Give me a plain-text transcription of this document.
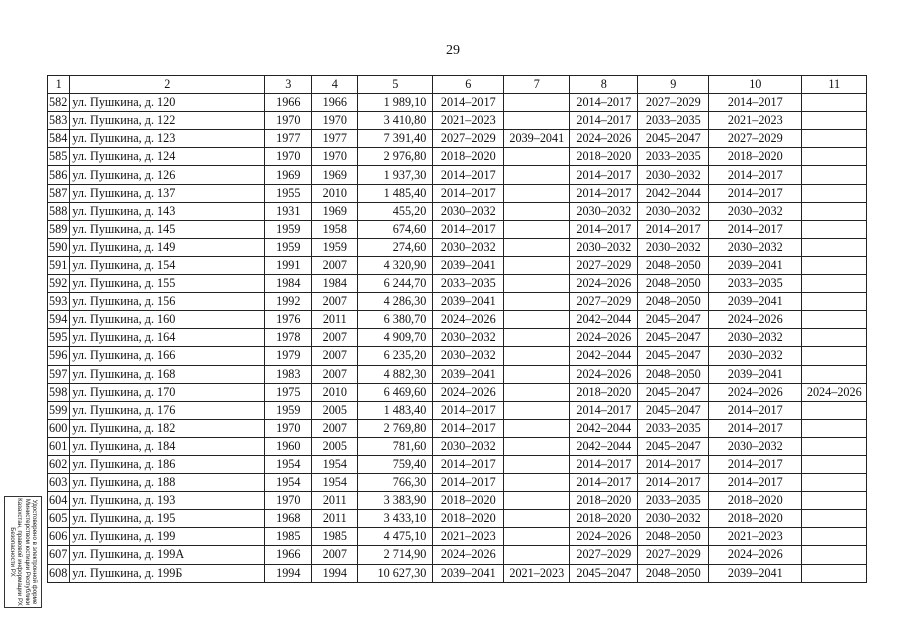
29
1	2	3	4	5	6	7	8	9	10	11
582	ул. Пушкина, д. 120	1966	1966	1 989,10	2014–2017		2014–2017	2027–2029	2014–2017	
583	ул. Пушкина, д. 122	1970	1970	3 410,80	2021–2023		2014–2017	2033–2035	2021–2023	
584	ул. Пушкина, д. 123	1977	1977	7 391,40	2027–2029	2039–2041	2024–2026	2045–2047	2027–2029	
585	ул. Пушкина, д. 124	1970	1970	2 976,80	2018–2020		2018–2020	2033–2035	2018–2020	
586	ул. Пушкина, д. 126	1969	1969	1 937,30	2014–2017		2014–2017	2030–2032	2014–2017	
587	ул. Пушкина, д. 137	1955	2010	1 485,40	2014–2017		2014–2017	2042–2044	2014–2017	
588	ул. Пушкина, д. 143	1931	1969	455,20	2030–2032		2030–2032	2030–2032	2030–2032	
589	ул. Пушкина, д. 145	1959	1958	674,60	2014–2017		2014–2017	2014–2017	2014–2017	
590	ул. Пушкина, д. 149	1959	1959	274,60	2030–2032		2030–2032	2030–2032	2030–2032	
591	ул. Пушкина, д. 154	1991	2007	4 320,90	2039–2041		2027–2029	2048–2050	2039–2041	
592	ул. Пушкина, д. 155	1984	1984	6 244,70	2033–2035		2024–2026	2048–2050	2033–2035	
593	ул. Пушкина, д. 156	1992	2007	4 286,30	2039–2041		2027–2029	2048–2050	2039–2041	
594	ул. Пушкина, д. 160	1976	2011	6 380,70	2024–2026		2042–2044	2045–2047	2024–2026	
595	ул. Пушкина, д. 164	1978	2007	4 909,70	2030–2032		2024–2026	2045–2047	2030–2032	
596	ул. Пушкина, д. 166	1979	2007	6 235,20	2030–2032		2042–2044	2045–2047	2030–2032	
597	ул. Пушкина, д. 168	1983	2007	4 882,30	2039–2041		2024–2026	2048–2050	2039–2041	
598	ул. Пушкина, д. 170	1975	2010	6 469,60	2024–2026		2018–2020	2045–2047	2024–2026	2024–2026
599	ул. Пушкина, д. 176	1959	2005	1 483,40	2014–2017		2014–2017	2045–2047	2014–2017	
600	ул. Пушкина, д. 182	1970	2007	2 769,80	2014–2017		2042–2044	2033–2035	2014–2017	
601	ул. Пушкина, д. 184	1960	2005	781,60	2030–2032		2042–2044	2045–2047	2030–2032	
602	ул. Пушкина, д. 186	1954	1954	759,40	2014–2017		2014–2017	2014–2017	2014–2017	
603	ул. Пушкина, д. 188	1954	1954	766,30	2014–2017		2014–2017	2014–2017	2014–2017	
604	ул. Пушкина, д. 193	1970	2011	3 383,90	2018–2020		2018–2020	2033–2035	2018–2020	
605	ул. Пушкина, д. 195	1968	2011	3 433,10	2018–2020		2018–2020	2030–2032	2018–2020	
606	ул. Пушкина, д. 199	1985	1985	4 475,10	2021–2023		2024–2026	2048–2050	2021–2023	
607	ул. Пушкина, д. 199А	1966	2007	2 714,90	2024–2026		2027–2029	2027–2029	2024–2026	
608	ул. Пушкина, д. 199Б	1994	1994	10 627,30	2039–2041	2021–2023	2045–2047	2048–2050	2039–2041	
Удостоверено в электронной форме
Министерством юстиции Республики
Казахстан, правовой информации РХ
Безопасности РХ
